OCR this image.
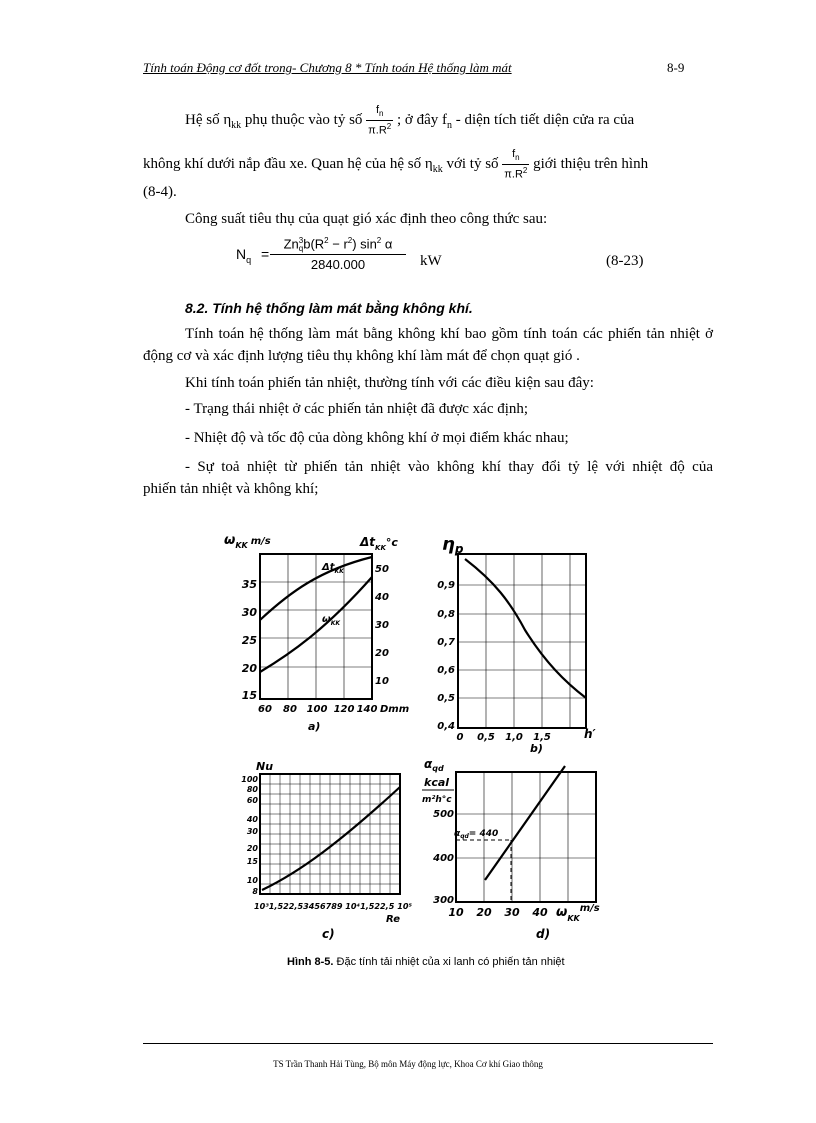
Tính toán Động cơ đốt trong- Chương 8 * Tính toán Hệ thống làm mát	8-9
Hệ số $\eta_{kk}$ phụ thuộc vào tỷ số $\frac{f_n}{\pi.R^2}$ ; ở đây $f_n$ - diện tích tiết diện cửa ra của
không khí dưới nắp đầu xe. Quan hệ của hệ số $\eta_{kk}$ với tỷ số $\frac{f_n}{\pi.R^2}$ giới thiệu trên hình
(8-4).
Công suất tiêu thụ của quạt gió xác định theo công thức sau:
$N_q = Zn$ 3
q $b(R^2 - r^2)$ $\sin^2 \alpha$
2840.000 kW	(8-23)
8.2. Tính hệ thống làm mát bằng không khí.
Tính toán hệ thống làm mát bằng không khí bao gồm tính toán các phiến tản nhiệt ở động cơ và xác định lượng tiêu thụ không khí làm mát để chọn quạt gió .
Khi tính toán phiến tản nhiệt, thường tính với các điều kiện sau đây:
- Trạng thái nhiệt ở các phiến tản nhiệt đã được xác định;
- Nhiệt độ và tốc độ của dòng không khí ở mọi điểm khác nhau;
- Sự toả nhiệt từ phiến tản nhiệt vào không khí thay đổi tỷ lệ với nhiệt độ của
phiến tản nhiệt và không khí;
$\omega_{KK}$ $^{m/s}$	$\Delta t_{KK}^\circ c$
$\Delta t_{KK}$
$\omega_{KK}$
35
30
25
20
15
50
40
30
20
10
60 80 100 120 140 Dmm
a)
ηp
0,9
0,8
0,7
0,6
0,5
0,4
0 0,5 1,0 1,5	h′
b)
Nu
100
80
60
40
30
20
15
10
8
10³1,522,53456789 10⁴1,522,5 10⁵
Re
c)
$\alpha_{qd}$
kcal
m²h°c
$\alpha_{qd}= 440$
500
400
300
10 20 30 40 $\omega_{KK}^{m/s}$
d)
Hình 8-5. Đặc tính tải nhiệt của xi lanh có phiến tản nhiệt
TS Trần Thanh Hải Tùng, Bộ môn Máy động lực, Khoa Cơ khí Giao thông
